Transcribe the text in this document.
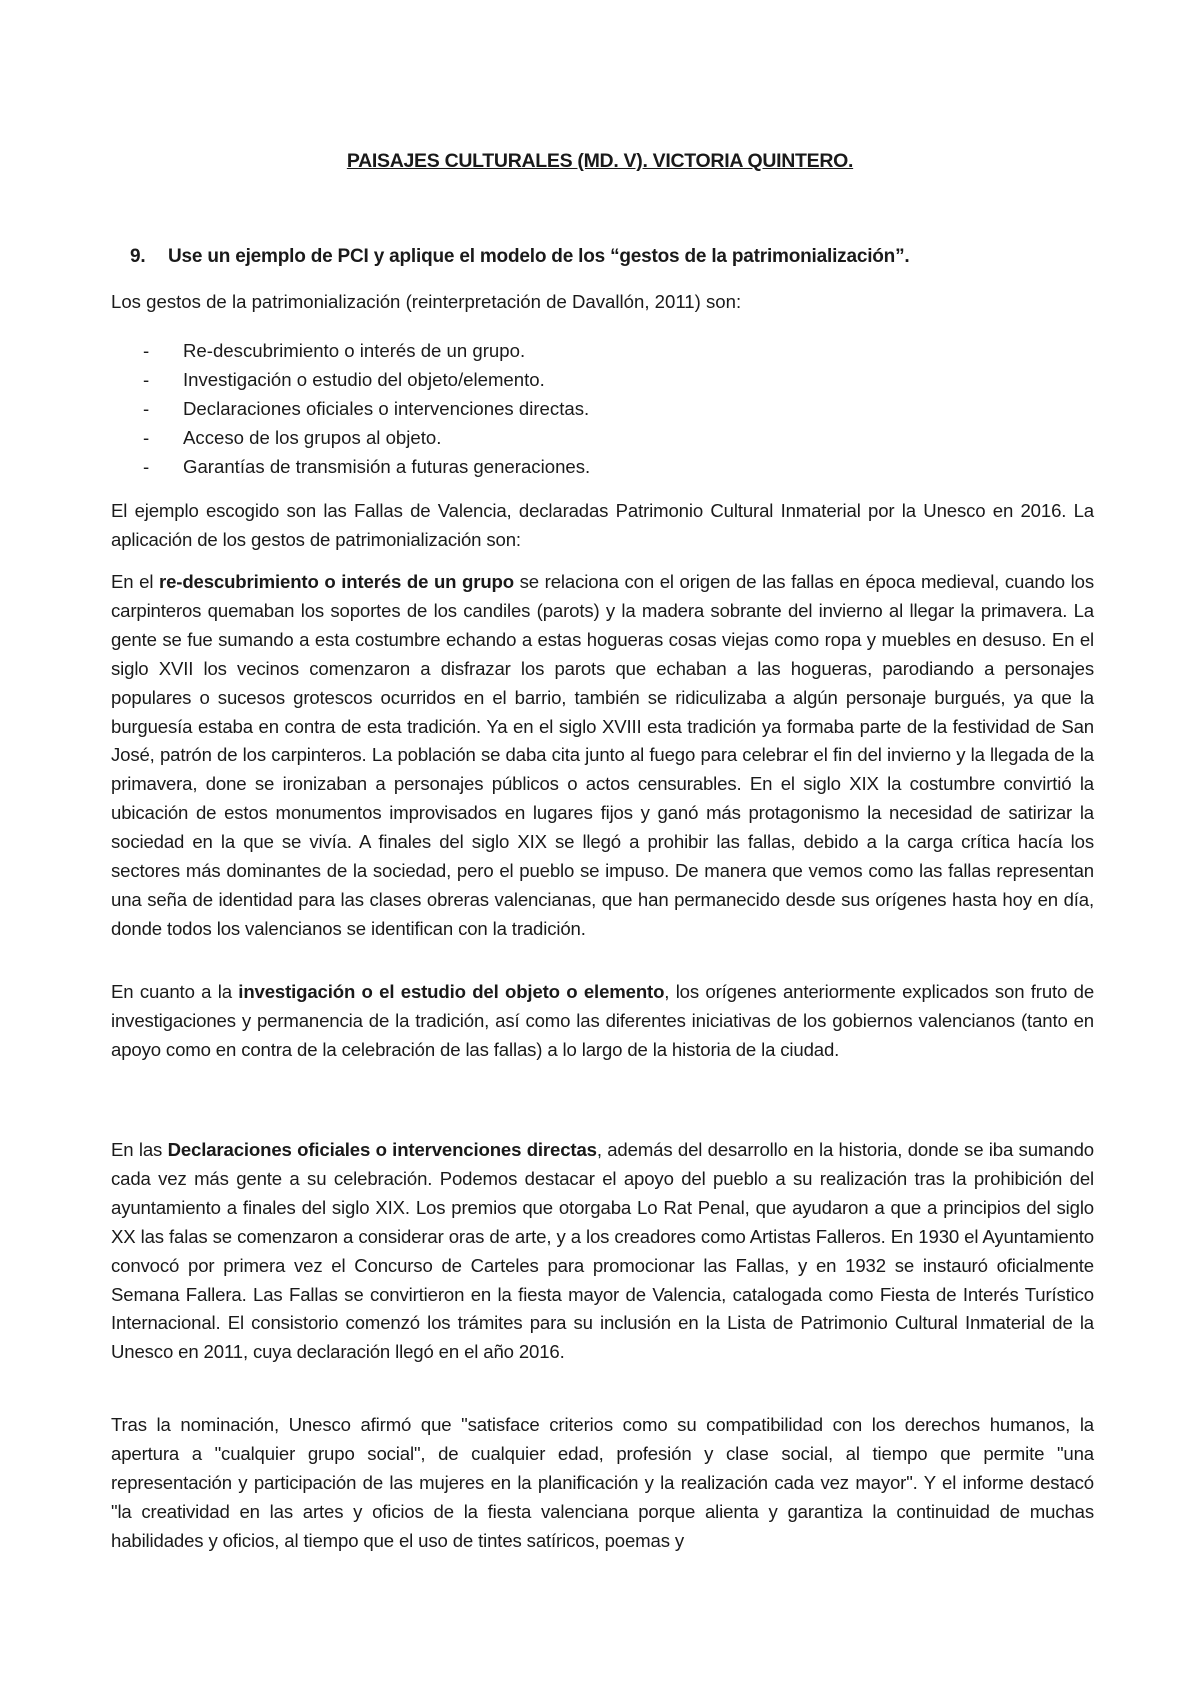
PAISAJES CULTURALES (MD. V). VICTORIA QUINTERO.
9. Use un ejemplo de PCI y aplique el modelo de los “gestos de la patrimonialización”.
Los gestos de la patrimonialización (reinterpretación de Davallón, 2011) son:
- Re-descubrimiento o interés de un grupo.
- Investigación o estudio del objeto/elemento.
- Declaraciones oficiales o intervenciones directas.
- Acceso de los grupos al objeto.
- Garantías de transmisión a futuras generaciones.

El ejemplo escogido son las Fallas de Valencia, declaradas Patrimonio Cultural Inmaterial por la Unesco en 2016. La aplicación de los gestos de patrimonialización son:

En el re-descubrimiento o interés de un grupo se relaciona con el origen de las fallas en época medieval, cuando los carpinteros quemaban los soportes de los candiles (parots) y la madera sobrante del invierno al llegar la primavera. La gente se fue sumando a esta costumbre echando a estas hogueras cosas viejas como ropa y muebles en desuso. En el siglo XVII los vecinos comenzaron a disfrazar los parots que echaban a las hogueras, parodiando a personajes populares o sucesos grotescos ocurridos en el barrio, también se ridiculizaba a algún personaje burgués, ya que la burguesía estaba en contra de esta tradición. Ya en el siglo XVIII esta tradición ya formaba parte de la festividad de San José, patrón de los carpinteros. La población se daba cita junto al fuego para celebrar el fin del invierno y la llegada de la primavera, done se ironizaban a personajes públicos o actos censurables. En el siglo XIX la costumbre convirtió la ubicación de estos monumentos improvisados en lugares fijos y ganó más protagonismo la necesidad de satirizar la sociedad en la que se vivía. A finales del siglo XIX se llegó a prohibir las fallas, debido a la carga crítica hacía los sectores más dominantes de la sociedad, pero el pueblo se impuso. De manera que vemos como las fallas representan una seña de identidad para las clases obreras valencianas, que han permanecido desde sus orígenes hasta hoy en día, donde todos los valencianos se identifican con la tradición.

En cuanto a la investigación o el estudio del objeto o elemento, los orígenes anteriormente explicados son fruto de investigaciones y permanencia de la tradición, así como las diferentes iniciativas de los gobiernos valencianos (tanto en apoyo como en contra de la celebración de las fallas) a lo largo de la historia de la ciudad.

En las Declaraciones oficiales o intervenciones directas, además del desarrollo en la historia, donde se iba sumando cada vez más gente a su celebración. Podemos destacar el apoyo del pueblo a su realización tras la prohibición del ayuntamiento a finales del siglo XIX. Los premios que otorgaba Lo Rat Penal, que ayudaron a que a principios del siglo XX las falas se comenzaron a considerar oras de arte, y a los creadores como Artistas Falleros. En 1930 el Ayuntamiento convocó por primera vez el Concurso de Carteles para promocionar las Fallas, y en 1932 se instauró oficialmente Semana Fallera. Las Fallas se convirtieron en la fiesta mayor de Valencia, catalogada como Fiesta de Interés Turístico Internacional. El consistorio comenzó los trámites para su inclusión en la Lista de Patrimonio Cultural Inmaterial de la Unesco en 2011, cuya declaración llegó en el año 2016.

Tras la nominación, Unesco afirmó que "satisface criterios como su compatibilidad con los derechos humanos, la apertura a "cualquier grupo social", de cualquier edad, profesión y clase social, al tiempo que permite "una representación y participación de las mujeres en la planificación y la realización cada vez mayor". Y el informe destacó "la creatividad en las artes y oficios de la fiesta valenciana porque alienta y garantiza la continuidad de muchas habilidades y oficios, al tiempo que el uso de tintes satíricos, poemas y
